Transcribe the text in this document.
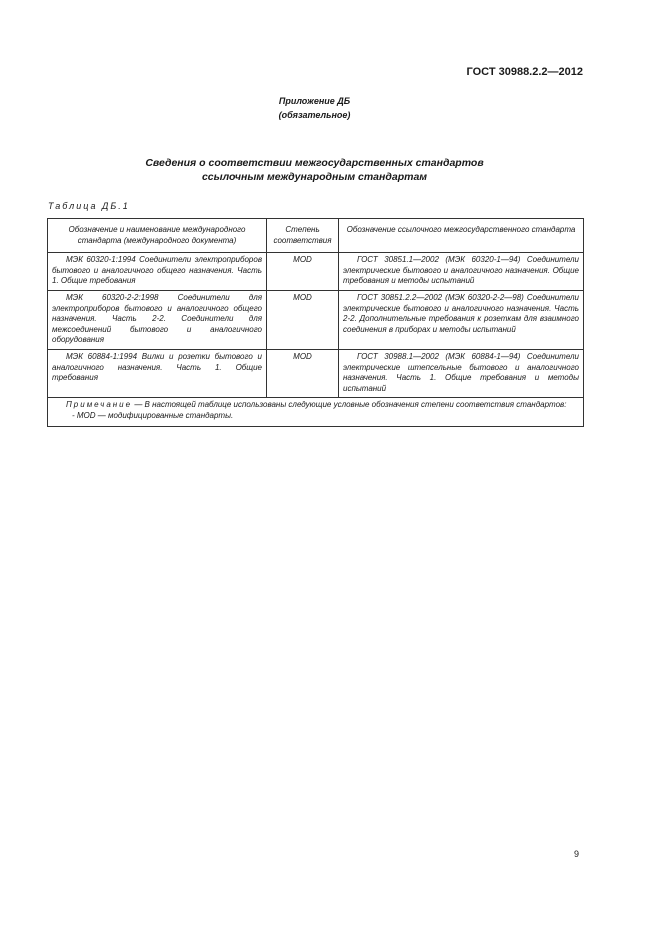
ГОСТ 30988.2.2—2012
Приложение ДБ
(обязательное)
Сведения о соответствии межгосударственных стандартов
ссылочным международным стандартам
Таблица ДБ.1
Обозначение и наименование международного стандарта (международного документа)	Степень соответствия	Обозначение ссылочного межгосударственного стандарта
МЭК 60320-1:1994 Соединители электроприборов бытового и аналогичного общего назначения. Часть 1. Общие требования	MOD	ГОСТ 30851.1—2002 (МЭК 60320-1—94) Соединители электрические бытового и аналогичного назначения. Общие требования и методы испытаний
МЭК 60320-2-2:1998 Соединители для электроприборов бытового и аналогичного общего назначения. Часть 2-2. Соединители для межсоединений бытового и аналогичного оборудования	MOD	ГОСТ 30851.2.2—2002 (МЭК 60320-2-2—98) Соединители электрические бытового и аналогичного назначения. Часть 2-2. Дополнительные требования к розеткам для взаимного соединения в приборах и методы испытаний
МЭК 60884-1:1994 Вилки и розетки бытового и аналогичного назначения. Часть 1. Общие требования	MOD	ГОСТ 30988.1—2002 (МЭК 60884-1—94) Соединители электрические штепсельные бытового и аналогичного назначения. Часть 1. Общие требования и методы испытаний
Примечание — В настоящей таблице использованы следующие условные обозначения степени соответствия стандартов:
- MOD — модифицированные стандарты.		
9
